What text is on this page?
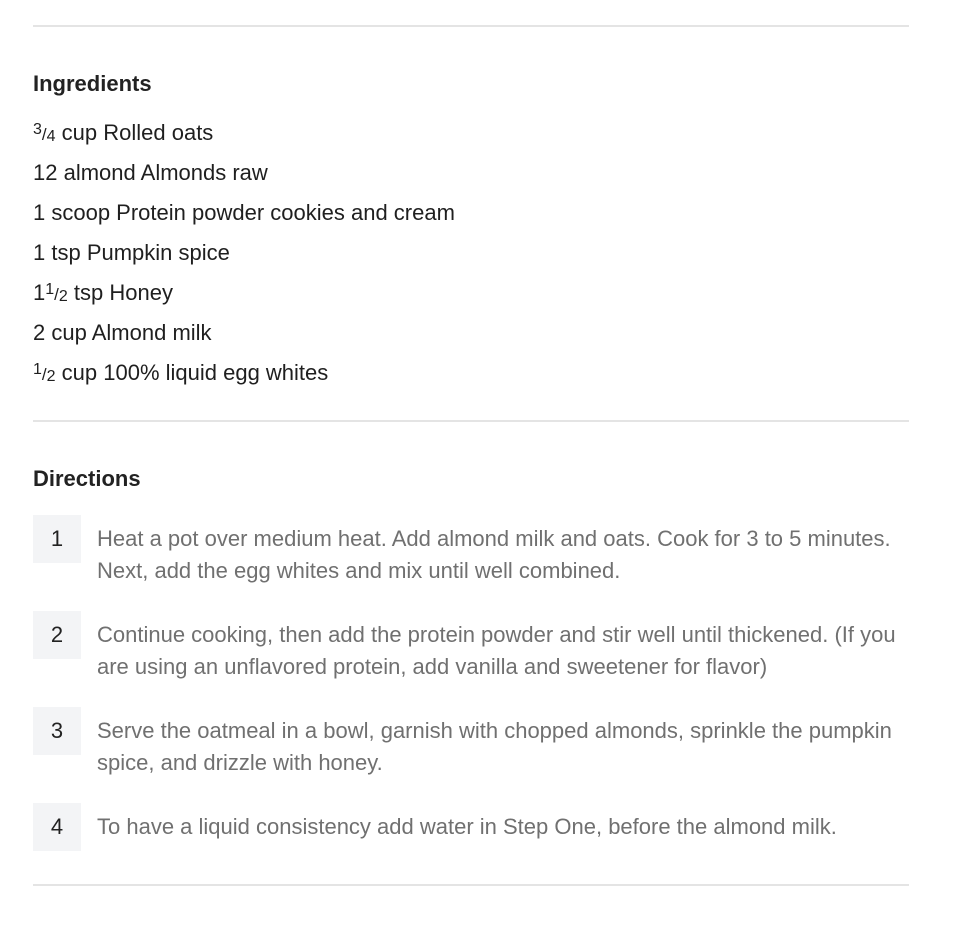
Ingredients
$^3/_4$ cup Rolled oats
12 almond Almonds raw
1 scoop Protein powder cookies and cream
1 tsp Pumpkin spice
$1^1/_2$ tsp Honey
2 cup Almond milk
$^1/_2$ cup 100% liquid egg whites
Directions
1	Heat a pot over medium heat. Add almond milk and oats. Cook for 3 to 5 minutes. Next, add the egg whites and mix until well combined.
2	Continue cooking, then add the protein powder and stir well until thickened. (If you are using an unflavored protein, add vanilla and sweetener for flavor)
3	Serve the oatmeal in a bowl, garnish with chopped almonds, sprinkle the pumpkin spice, and drizzle with honey.
4	To have a liquid consistency add water in Step One, before the almond milk.
